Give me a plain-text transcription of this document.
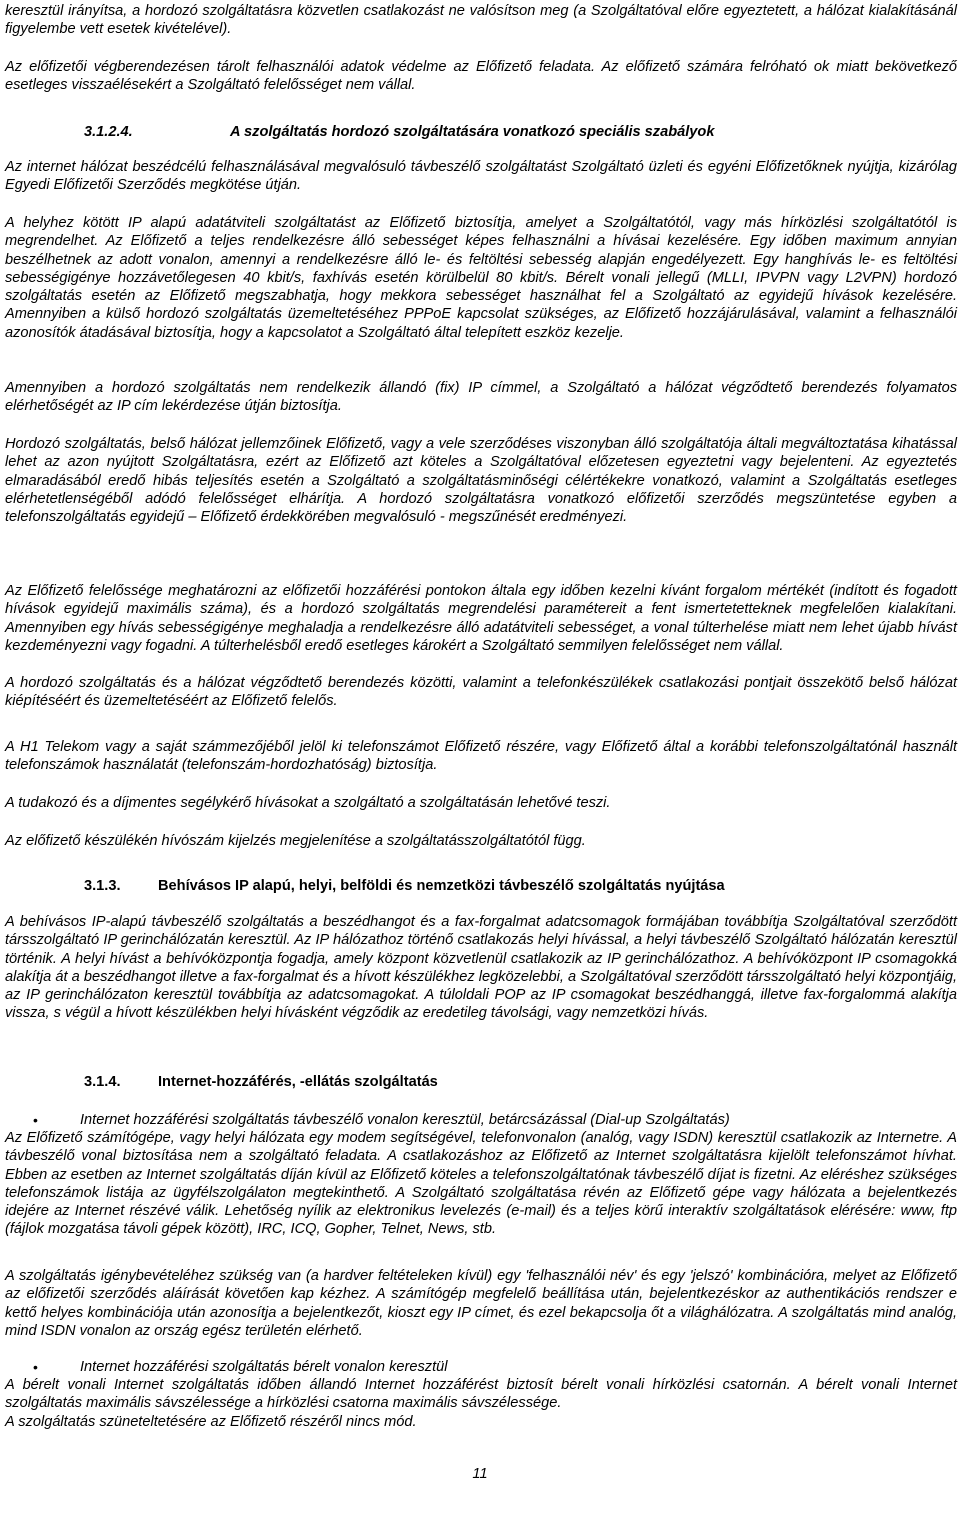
keresztül irányítsa, a hordozó szolgáltatásra közvetlen csatlakozást ne valósítson meg (a Szolgáltatóval előre egyeztetett, a hálózat kialakításánál figyelembe vett esetek kivételével).

Az előfizetői végberendezésen tárolt felhasználói adatok védelme az Előfizető feladata. Az előfizető számára felróható ok miatt bekövetkező esetleges visszaélésekért a Szolgáltató felelősséget nem vállal.

3.1.2.4.	A szolgáltatás hordozó szolgáltatására vonatkozó speciális szabályok

Az internet hálózat beszédcélú felhasználásával megvalósuló távbeszélő szolgáltatást Szolgáltató üzleti és egyéni Előfizetőknek nyújtja, kizárólag Egyedi Előfizetői Szerződés megkötése útján.

A helyhez kötött IP alapú adatátviteli szolgáltatást az Előfizető biztosítja, amelyet a Szolgáltatótól, vagy más hírközlési szolgáltatótól is megrendelhet. Az Előfizető a teljes rendelkezésre álló sebességet képes felhasználni a hívásai kezelésére. Egy időben maximum annyian beszélhetnek az adott vonalon, amennyi a rendelkezésre álló le- és feltöltési sebesség alapján engedélyezett. Egy hanghívás le- es feltöltési sebességigénye hozzávetőlegesen 40 kbit/s, faxhívás esetén körülbelül 80 kbit/s. Bérelt vonali jellegű (MLLI, IPVPN vagy L2VPN) hordozó szolgáltatás esetén az Előfizető megszabhatja, hogy mekkora sebességet használhat fel a Szolgáltató az egyidejű hívások kezelésére. Amennyiben a külső hordozó szolgáltatás üzemeltetéséhez PPPoE kapcsolat szükséges, az Előfizető hozzájárulásával, valamint a felhasználói azonosítók átadásával biztosítja, hogy a kapcsolatot a Szolgáltató által telepített eszköz kezelje.

Amennyiben a hordozó szolgáltatás nem rendelkezik állandó (fix) IP címmel, a Szolgáltató a hálózat végződtető berendezés folyamatos elérhetőségét az IP cím lekérdezése útján biztosítja.

Hordozó szolgáltatás, belső hálózat jellemzőinek Előfizető, vagy a vele szerződéses viszonyban álló szolgáltatója általi megváltoztatása kihatással lehet az azon nyújtott Szolgáltatásra, ezért az Előfizető azt köteles a Szolgáltatóval előzetesen egyeztetni vagy bejelenteni. Az egyeztetés elmaradásából eredő hibás teljesítés esetén a Szolgáltató a szolgáltatásminőségi célértékekre vonatkozó, valamint a Szolgáltatás esetleges elérhetetlenségéből adódó felelősséget elhárítja. A hordozó szolgáltatásra vonatkozó előfizetői szerződés megszüntetése egyben a telefonszolgáltatás egyidejű – Előfizető érdekkörében megvalósuló - megszűnését eredményezi.

Az Előfizető felelőssége meghatározni az előfizetői hozzáférési pontokon általa egy időben kezelni kívánt forgalom mértékét (indított és fogadott hívások egyidejű maximális száma), és a hordozó szolgáltatás megrendelési paramétereit a fent ismertetetteknek megfelelően kialakítani. Amennyiben egy hívás sebességigénye meghaladja a rendelkezésre álló adatátviteli sebességet, a vonal túlterhelése miatt nem lehet újabb hívást kezdeményezni vagy fogadni. A túlterhelésből eredő esetleges károkért a Szolgáltató semmilyen felelősséget nem vállal.

A hordozó szolgáltatás és a hálózat végződtető berendezés közötti, valamint a telefonkészülékek csatlakozási pontjait összekötő belső hálózat kiépítéséért és üzemeltetéséért az Előfizető felelős.

A H1 Telekom vagy a saját számmezőjéből jelöl ki telefonszámot Előfizető részére, vagy Előfizető által a korábbi telefonszolgáltatónál használt telefonszámok használatát (telefonszám-hordozhatóság) biztosítja.

A tudakozó és a díjmentes segélykérő hívásokat a szolgáltató a szolgáltatásán lehetővé teszi.

Az előfizető készülékén hívószám kijelzés megjelenítése a szolgáltatásszolgáltatótól függ.

3.1.3.	Behívásos IP alapú, helyi, belföldi és nemzetközi távbeszélő szolgáltatás nyújtása

A behívásos IP-alapú távbeszélő szolgáltatás a beszédhangot és a fax-forgalmat adatcsomagok formájában továbbítja Szolgáltatóval szerződött társszolgáltató IP gerinchálózatán keresztül. Az IP hálózathoz történő csatlakozás helyi hívással, a helyi távbeszélő Szolgáltató hálózatán keresztül történik. A helyi hívást a behívóközpontja fogadja, amely központ közvetlenül csatlakozik az IP gerinchálózathoz. A behívóközpont IP csomagokká alakítja át a beszédhangot illetve a fax-forgalmat és a hívott készülékhez legközelebbi, a Szolgáltatóval szerződött társszolgáltató helyi központjáig, az IP gerinchálózaton keresztül továbbítja az adatcsomagokat. A túloldali POP az IP csomagokat beszédhanggá, illetve fax-forgalommá alakítja vissza, s végül a hívott készülékben helyi hívásként végződik az eredetileg távolsági, vagy nemzetközi hívás.

3.1.4.	Internet-hozzáférés, -ellátás szolgáltatás
•	Internet hozzáférési szolgáltatás távbeszélő vonalon keresztül, betárcsázással (Dial-up Szolgáltatás)

Az Előfizető számítógépe, vagy helyi hálózata egy modem segítségével, telefonvonalon (analóg, vagy ISDN) keresztül csatlakozik az Internetre. A távbeszélő vonal biztosítása nem a szolgáltató feladata. A csatlakozáshoz az Előfizető az Internet szolgáltatásra kijelölt telefonszámot hívhat. Ebben az esetben az Internet szolgáltatás díján kívül az Előfizető köteles a telefonszolgáltatónak távbeszélő díjat is fizetni. Az eléréshez szükséges telefonszámok listája az ügyfélszolgálaton megtekinthető. A Szolgáltató szolgáltatása révén az Előfizető gépe vagy hálózata a bejelentkezés idejére az Internet részévé válik. Lehetőség nyílik az elektronikus levelezés (e-mail) és a teljes körű interaktív szolgáltatások elérésére: www, ftp (fájlok mozgatása távoli gépek között), IRC, ICQ, Gopher, Telnet, News, stb.

A szolgáltatás igénybevételéhez szükség van (a hardver feltételeken kívül) egy 'felhasználói név' és egy 'jelszó' kombinációra, melyet az Előfizető az előfizetői szerződés aláírását követően kap kézhez. A számítógép megfelelő beállítása után, bejelentkezéskor az authentikációs rendszer e kettő helyes kombinációja után azonosítja a bejelentkezőt, kioszt egy IP címet, és ezel bekapcsolja őt a világhálózatra. A szolgáltatás mind analóg, mind ISDN vonalon az ország egész területén elérhető.

•	Internet hozzáférési szolgáltatás bérelt vonalon keresztül

A bérelt vonali Internet szolgáltatás időben állandó Internet hozzáférést biztosít bérelt vonali hírközlési csatornán. A bérelt vonali Internet szolgáltatás maximális sávszélessége a hírközlési csatorna maximális sávszélessége.

A szolgáltatás szüneteltetésére az Előfizető részéről nincs mód.

11
